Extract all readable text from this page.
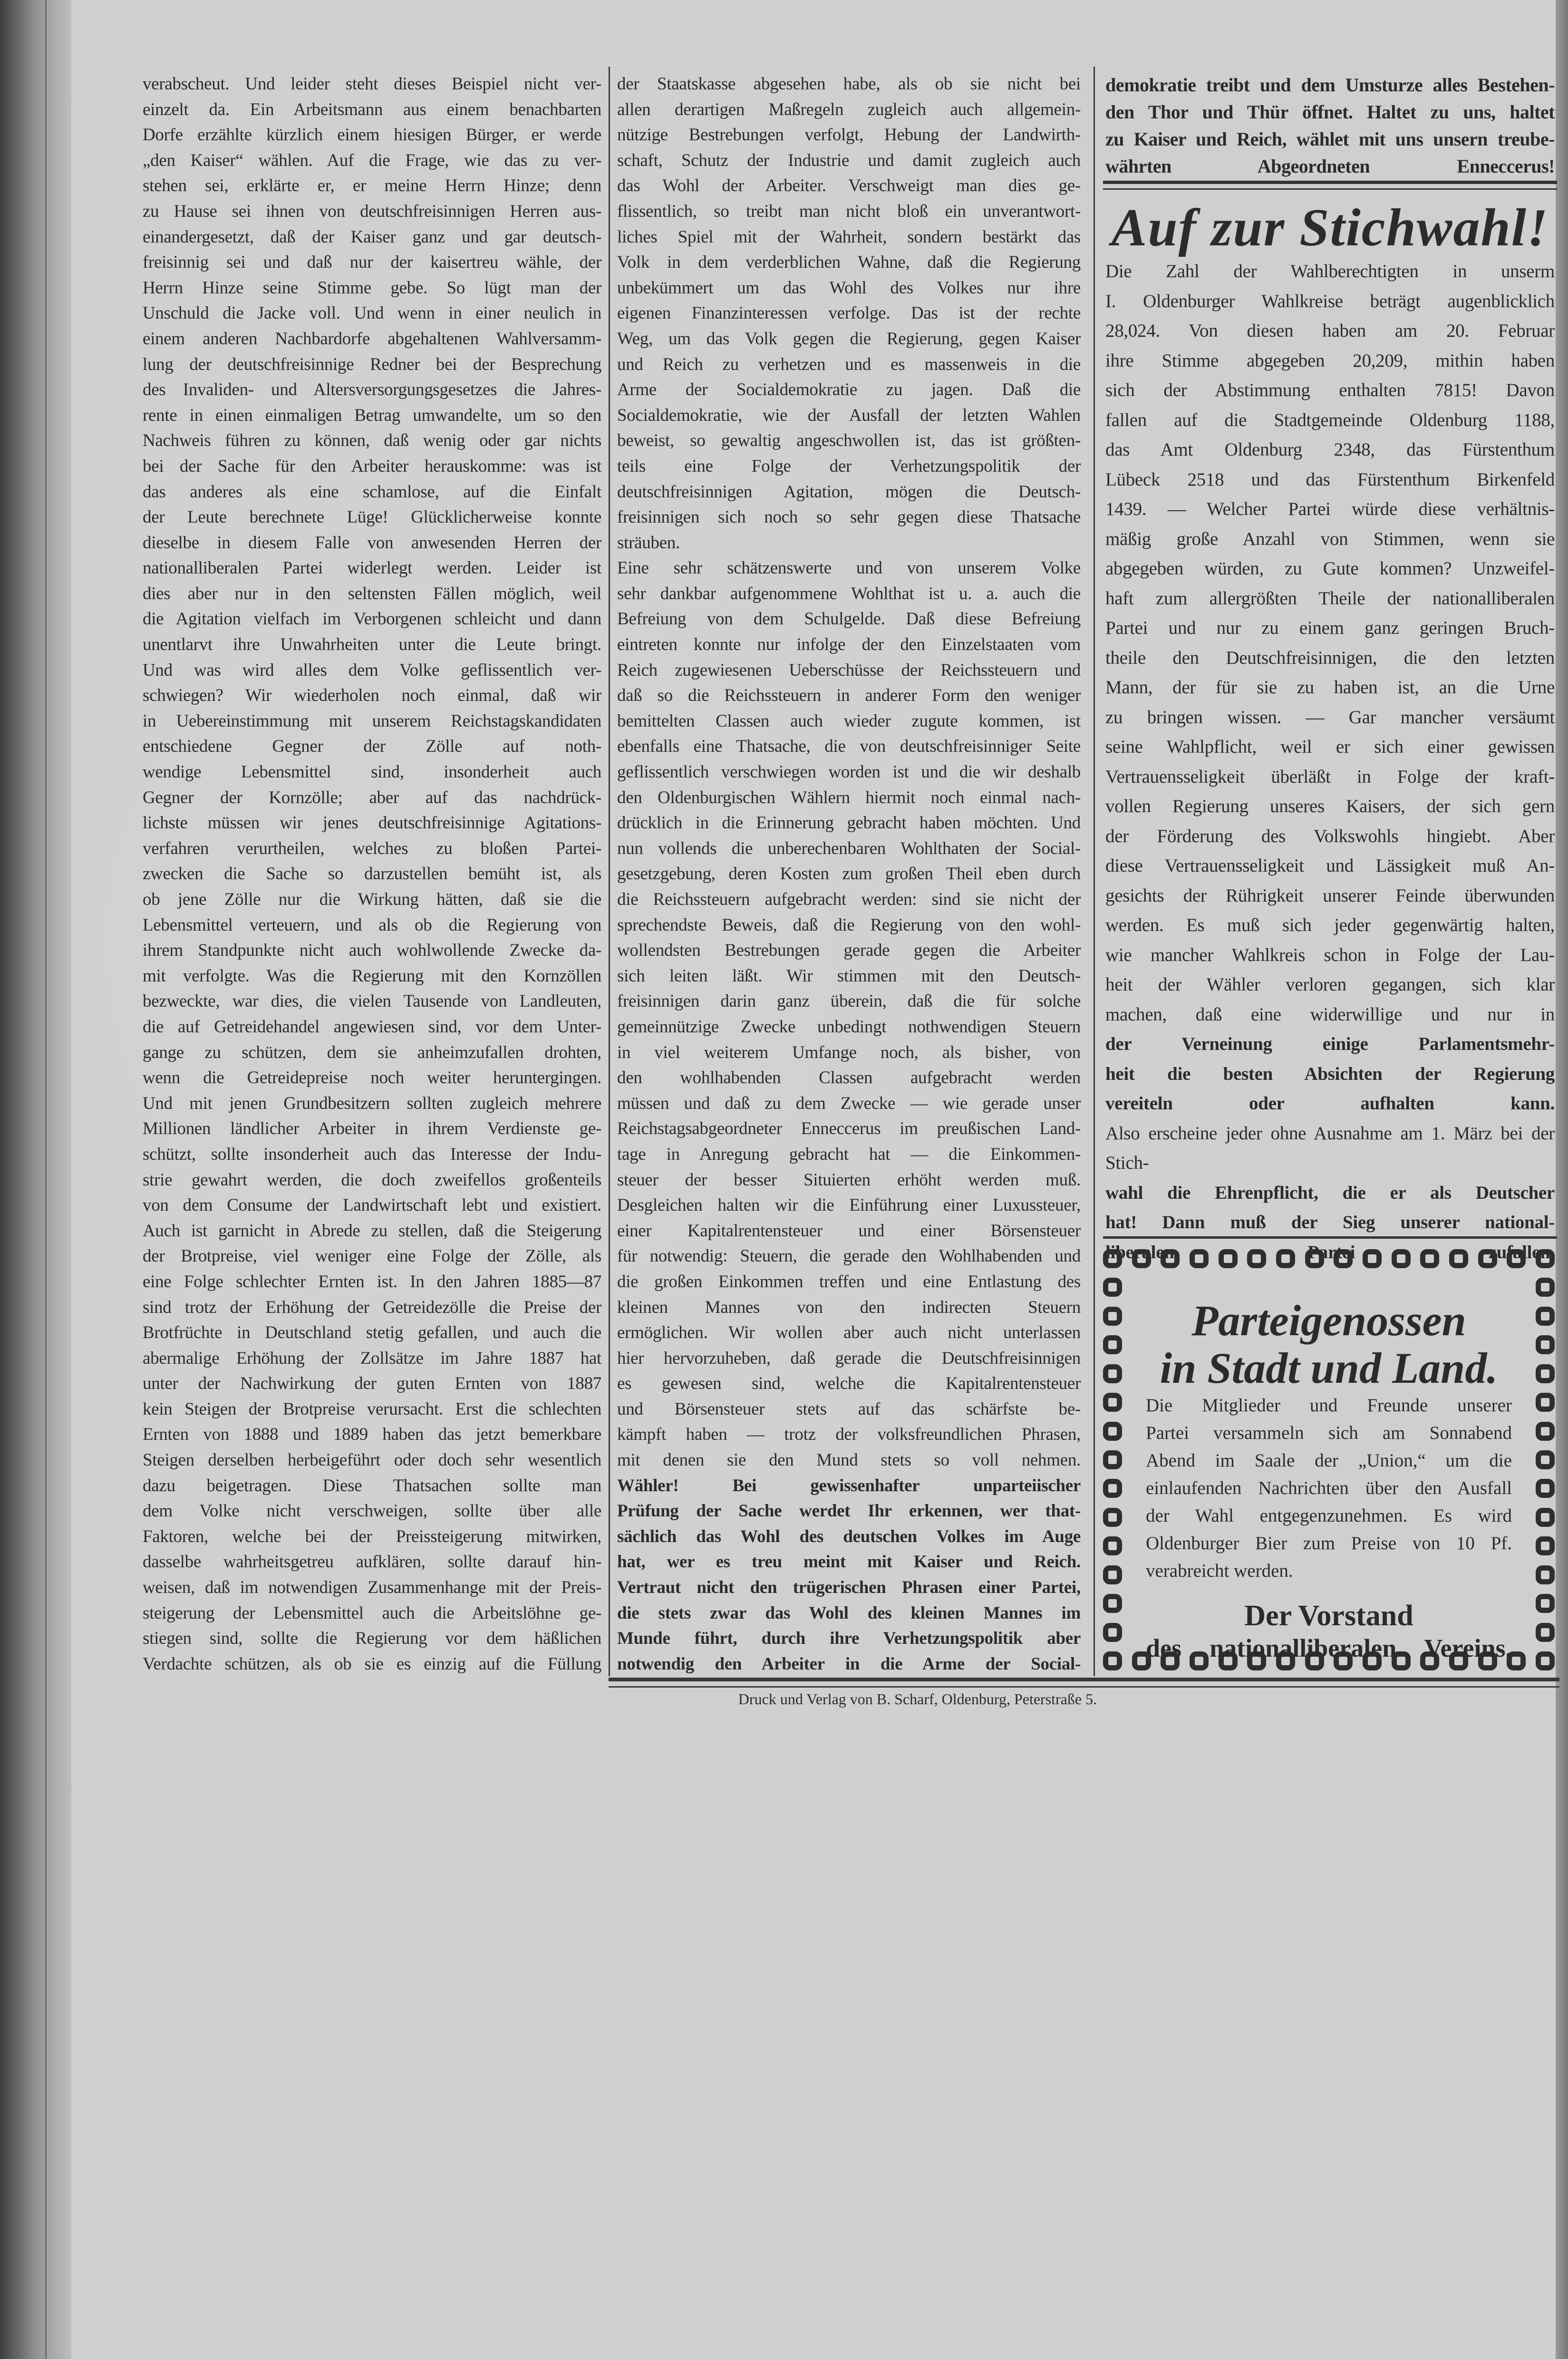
verabscheut. Und leider steht dieses Beispiel nicht ver-
einzelt da. Ein Arbeitsmann aus einem benachbarten
Dorfe erzählte kürzlich einem hiesigen Bürger, er werde
„den Kaiser“ wählen. Auf die Frage, wie das zu ver-
stehen sei, erklärte er, er meine Herrn Hinze; denn
zu Hause sei ihnen von deutschfreisinnigen Herren aus-
einandergesetzt, daß der Kaiser ganz und gar deutsch-
freisinnig sei und daß nur der kaisertreu wähle, der
Herrn Hinze seine Stimme gebe. So lügt man der
Unschuld die Jacke voll. Und wenn in einer neulich in
einem anderen Nachbardorfe abgehaltenen Wahlversamm-
lung der deutschfreisinnige Redner bei der Besprechung
des Invaliden- und Altersversorgungsgesetzes die Jahres-
rente in einen einmaligen Betrag umwandelte, um so den
Nachweis führen zu können, daß wenig oder gar nichts
bei der Sache für den Arbeiter herauskomme: was ist
das anderes als eine schamlose, auf die Einfalt
der Leute berechnete Lüge! Glücklicherweise konnte
dieselbe in diesem Falle von anwesenden Herren der
nationalliberalen Partei widerlegt werden. Leider ist
dies aber nur in den seltensten Fällen möglich, weil
die Agitation vielfach im Verborgenen schleicht und dann
unentlarvt ihre Unwahrheiten unter die Leute bringt.
Und was wird alles dem Volke geflissentlich ver-
schwiegen? Wir wiederholen noch einmal, daß wir
in Uebereinstimmung mit unserem Reichstagskandidaten
entschiedene Gegner der Zölle auf noth-
wendige Lebensmittel sind, insonderheit auch
Gegner der Kornzölle; aber auf das nachdrück-
lichste müssen wir jenes deutschfreisinnige Agitations-
verfahren verurtheilen, welches zu bloßen Partei-
zwecken die Sache so darzustellen bemüht ist, als
ob jene Zölle nur die Wirkung hätten, daß sie die
Lebensmittel verteuern, und als ob die Regierung von
ihrem Standpunkte nicht auch wohlwollende Zwecke da-
mit verfolgte. Was die Regierung mit den Kornzöllen
bezweckte, war dies, die vielen Tausende von Landleuten,
die auf Getreidehandel angewiesen sind, vor dem Unter-
gange zu schützen, dem sie anheimzufallen drohten,
wenn die Getreidepreise noch weiter heruntergingen.
Und mit jenen Grundbesitzern sollten zugleich mehrere
Millionen ländlicher Arbeiter in ihrem Verdienste ge-
schützt, sollte insonderheit auch das Interesse der Indu-
strie gewahrt werden, die doch zweifellos großenteils
von dem Consume der Landwirtschaft lebt und existiert.
Auch ist garnicht in Abrede zu stellen, daß die Steigerung
der Brotpreise, viel weniger eine Folge der Zölle, als
eine Folge schlechter Ernten ist. In den Jahren 1885—87
sind trotz der Erhöhung der Getreidezölle die Preise der
Brotfrüchte in Deutschland stetig gefallen, und auch die
abermalige Erhöhung der Zollsätze im Jahre 1887 hat
unter der Nachwirkung der guten Ernten von 1887
kein Steigen der Brotpreise verursacht. Erst die schlechten
Ernten von 1888 und 1889 haben das jetzt bemerkbare
Steigen derselben herbeigeführt oder doch sehr wesentlich
dazu beigetragen. Diese Thatsachen sollte man
dem Volke nicht verschweigen, sollte über alle
Faktoren, welche bei der Preissteigerung mitwirken,
dasselbe wahrheitsgetreu aufklären, sollte darauf hin-
weisen, daß im notwendigen Zusammenhange mit der Preis-
steigerung der Lebensmittel auch die Arbeitslöhne ge-
stiegen sind, sollte die Regierung vor dem häßlichen
Verdachte schützen, als ob sie es einzig auf die Füllung
der Staatskasse abgesehen habe, als ob sie nicht bei
allen derartigen Maßregeln zugleich auch allgemein-
nützige Bestrebungen verfolgt, Hebung der Landwirth-
schaft, Schutz der Industrie und damit zugleich auch
das Wohl der Arbeiter. Verschweigt man dies ge-
flissentlich, so treibt man nicht bloß ein unverantwort-
liches Spiel mit der Wahrheit, sondern bestärkt das
Volk in dem verderblichen Wahne, daß die Regierung
unbekümmert um das Wohl des Volkes nur ihre
eigenen Finanzinteressen verfolge. Das ist der rechte
Weg, um das Volk gegen die Regierung, gegen Kaiser
und Reich zu verhetzen und es massenweis in die
Arme der Socialdemokratie zu jagen. Daß die
Socialdemokratie, wie der Ausfall der letzten Wahlen
beweist, so gewaltig angeschwollen ist, das ist größten-
teils eine Folge der Verhetzungspolitik der
deutschfreisinnigen Agitation, mögen die Deutsch-
freisinnigen sich noch so sehr gegen diese Thatsache
sträuben.
Eine sehr schätzenswerte und von unserem Volke
sehr dankbar aufgenommene Wohlthat ist u. a. auch die
Befreiung von dem Schulgelde. Daß diese Befreiung
eintreten konnte nur infolge der den Einzelstaaten vom
Reich zugewiesenen Ueberschüsse der Reichssteuern und
daß so die Reichssteuern in anderer Form den weniger
bemittelten Classen auch wieder zugute kommen, ist
ebenfalls eine Thatsache, die von deutschfreisinniger Seite
geflissentlich verschwiegen worden ist und die wir deshalb
den Oldenburgischen Wählern hiermit noch einmal nach-
drücklich in die Erinnerung gebracht haben möchten. Und
nun vollends die unberechenbaren Wohlthaten der Social-
gesetzgebung, deren Kosten zum großen Theil eben durch
die Reichssteuern aufgebracht werden: sind sie nicht der
sprechendste Beweis, daß die Regierung von den wohl-
wollendsten Bestrebungen gerade gegen die Arbeiter
sich leiten läßt. Wir stimmen mit den Deutsch-
freisinnigen darin ganz überein, daß die für solche
gemeinnützige Zwecke unbedingt nothwendigen Steuern
in viel weiterem Umfange noch, als bisher, von
den wohlhabenden Classen aufgebracht werden
müssen und daß zu dem Zwecke — wie gerade unser
Reichstagsabgeordneter Enneccerus im preußischen Land-
tage in Anregung gebracht hat — die Einkommen-
steuer der besser Situierten erhöht werden muß.
Desgleichen halten wir die Einführung einer Luxussteuer,
einer Kapitalrentensteuer und einer Börsensteuer
für notwendig: Steuern, die gerade den Wohlhabenden und
die großen Einkommen treffen und eine Entlastung des
kleinen Mannes von den indirecten Steuern
ermöglichen. Wir wollen aber auch nicht unterlassen
hier hervorzuheben, daß gerade die Deutschfreisinnigen
es gewesen sind, welche die Kapitalrentensteuer
und Börsensteuer stets auf das schärfste be-
kämpft haben — trotz der volksfreundlichen Phrasen,
mit denen sie den Mund stets so voll nehmen.
Wähler! Bei gewissenhafter unparteiischer
Prüfung der Sache werdet Ihr erkennen, wer that-
sächlich das Wohl des deutschen Volkes im Auge
hat, wer es treu meint mit Kaiser und Reich.
Vertraut nicht den trügerischen Phrasen einer Partei,
die stets zwar das Wohl des kleinen Mannes im
Munde führt, durch ihre Verhetzungspolitik aber
notwendig den Arbeiter in die Arme der Social-
demokratie treibt und dem Umsturze alles Bestehen-
den Thor und Thür öffnet. Haltet zu uns, haltet
zu Kaiser und Reich, wählet mit uns unsern treube-
währten Abgeordneten Enneccerus!
Auf zur Stichwahl!
Die Zahl der Wahlberechtigten in unserm
I. Oldenburger Wahlkreise beträgt augenblicklich
28,024. Von diesen haben am 20. Februar
ihre Stimme abgegeben 20,209, mithin haben
sich der Abstimmung enthalten 7815! Davon
fallen auf die Stadtgemeinde Oldenburg 1188,
das Amt Oldenburg 2348, das Fürstenthum
Lübeck 2518 und das Fürstenthum Birkenfeld
1439. — Welcher Partei würde diese verhältnis-
mäßig große Anzahl von Stimmen, wenn sie
abgegeben würden, zu Gute kommen? Unzweifel-
haft zum allergrößten Theile der nationalliberalen
Partei und nur zu einem ganz geringen Bruch-
theile den Deutschfreisinnigen, die den letzten
Mann, der für sie zu haben ist, an die Urne
zu bringen wissen. — Gar mancher versäumt
seine Wahlpflicht, weil er sich einer gewissen
Vertrauensseligkeit überläßt in Folge der kraft-
vollen Regierung unseres Kaisers, der sich gern
der Förderung des Volkswohls hingiebt. Aber
diese Vertrauensseligkeit und Lässigkeit muß An-
gesichts der Rührigkeit unserer Feinde überwunden
werden. Es muß sich jeder gegenwärtig halten,
wie mancher Wahlkreis schon in Folge der Lau-
heit der Wähler verloren gegangen, sich klar
machen, daß eine widerwillige und nur in
der Verneinung einige Parlamentsmehr-
heit die besten Absichten der Regierung
vereiteln oder aufhalten kann.
Also erscheine jeder ohne Ausnahme am 1. März bei der Stich-
wahl die Ehrenpflicht, die er als Deutscher
hat! Dann muß der Sieg unserer national-
liberalen Partei zufallen.
Parteigenossen
in Stadt und Land.
Die Mitglieder und Freunde unserer
Partei versammeln sich am Sonnabend
Abend im Saale der „Union,“ um die
einlaufenden Nachrichten über den Ausfall
der Wahl entgegenzunehmen. Es wird
Oldenburger Bier zum Preise von 10 Pf.
verabreicht werden.
Der Vorstand
des nationalliberalen Vereins.
Druck und Verlag von B. Scharf, Oldenburg, Peterstraße 5.
